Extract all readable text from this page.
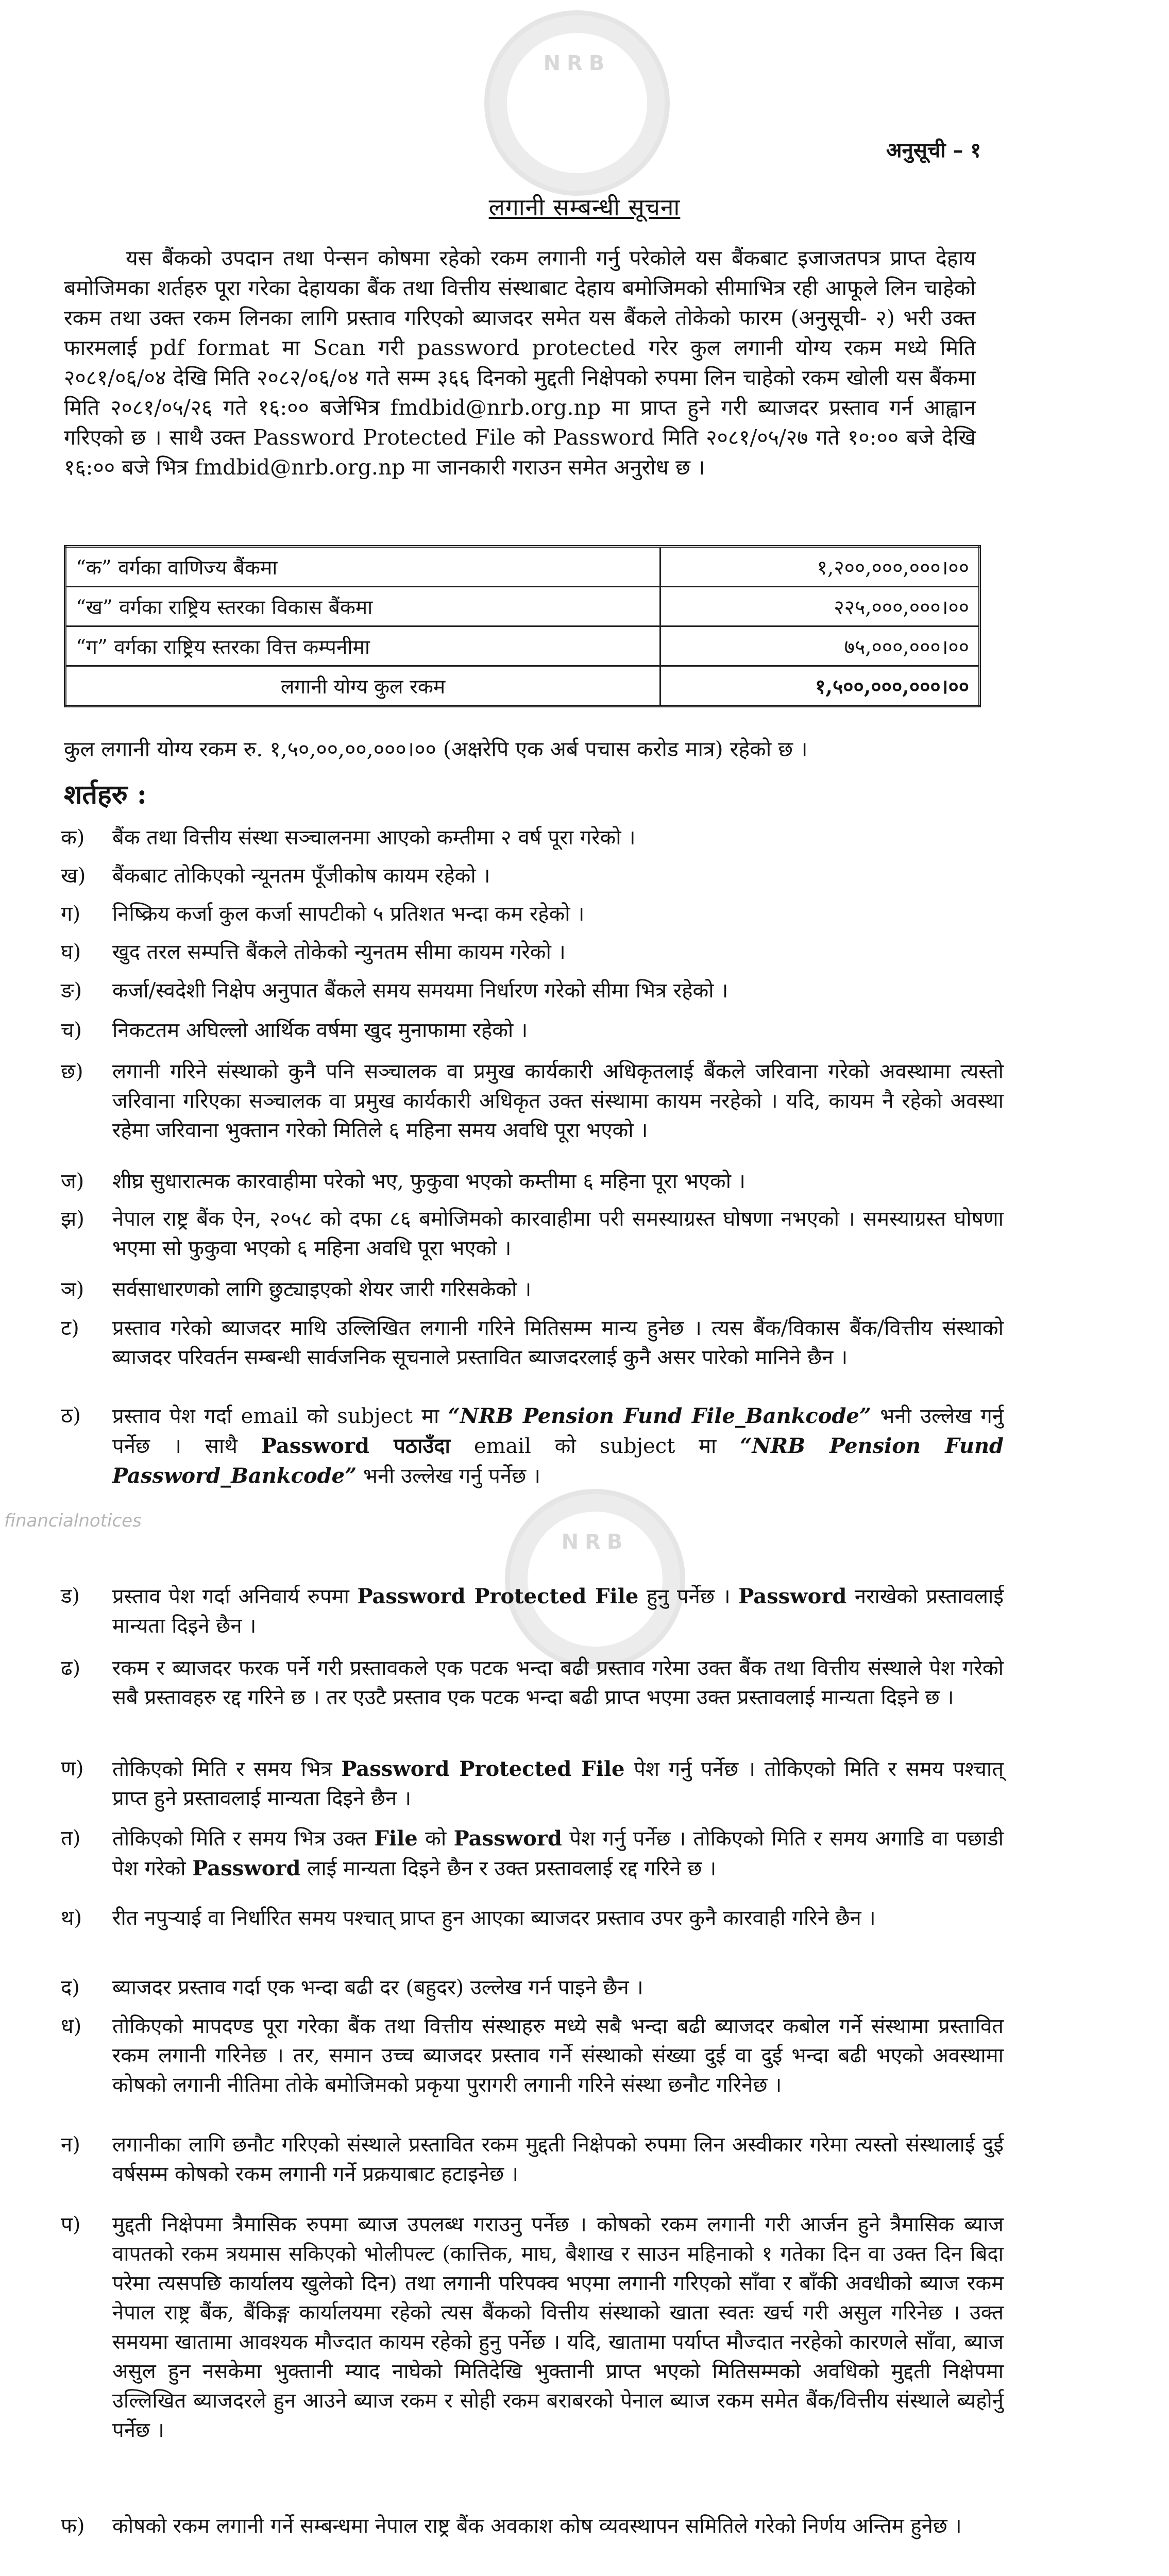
NRB
NRB
अनुसूची – १
लगानी सम्बन्धी सूचना
यस बैंकको उपदान तथा पेन्सन कोषमा रहेको रकम लगानी गर्नु परेकोले यस बैंकबाट इजाजतपत्र प्राप्त देहाय बमोजिमका शर्तहरु पूरा गरेका देहायका बैंक तथा वित्तीय संस्थाबाट देहाय बमोजिमको सीमाभित्र रही आफूले लिन चाहेको रकम तथा उक्त रकम लिनका लागि प्रस्ताव गरिएको ब्याजदर समेत यस बैंकले तोकेको फारम (अनुसूची- २) भरी उक्त फारमलाई pdf format मा Scan गरी password protected गरेर कुल लगानी योग्य रकम मध्ये मिति २०८१/०६/०४ देखि मिति २०८२/०६/०४ गते सम्म ३६६ दिनको मुद्दती निक्षेपको रुपमा लिन चाहेको रकम खोली यस बैंकमा मिति २०८१/०५/२६ गते १६:०० बजेभित्र fmdbid@nrb.org.np मा प्राप्त हुने गरी ब्याजदर प्रस्ताव गर्न आह्वान गरिएको छ । साथै उक्त Password Protected File को Password मिति २०८१/०५/२७ गते १०:०० बजे देखि १६:०० बजे भित्र fmdbid@nrb.org.np मा जानकारी गराउन समेत अनुरोध छ ।
“क” वर्गका वाणिज्य बैंकमा	१,२००,०००,०००।००
“ख” वर्गका राष्ट्रिय स्तरका विकास बैंकमा	२२५,०००,०००।००
“ग” वर्गका राष्ट्रिय स्तरका वित्त कम्पनीमा	७५,०००,०००।००
लगानी योग्य कुल रकम	१,५००,०००,०००।००
कुल लगानी योग्य रकम रु. १,५०,००,००,०००।०० (अक्षरेपि एक अर्ब पचास करोड मात्र) रहेको छ ।
शर्तहरु :
क)	बैंक तथा वित्तीय संस्था सञ्चालनमा आएको कम्तीमा २ वर्ष पूरा गरेको ।
ख)	बैंकबाट तोकिएको न्यूनतम पूँजीकोष कायम रहेको ।
ग)	निष्क्रिय कर्जा कुल कर्जा सापटीको ५ प्रतिशत भन्दा कम रहेको ।
घ)	खुद तरल सम्पत्ति बैंकले तोकेको न्युनतम सीमा कायम गरेको ।
ङ)	कर्जा/स्वदेशी निक्षेप अनुपात बैंकले समय समयमा निर्धारण गरेको सीमा भित्र रहेको ।
च)	निकटतम अघिल्लो आर्थिक वर्षमा खुद मुनाफामा रहेको ।
छ)	लगानी गरिने संस्थाको कुनै पनि सञ्चालक वा प्रमुख कार्यकारी अधिकृतलाई बैंकले जरिवाना गरेको अवस्थामा त्यस्तो जरिवाना गरिएका सञ्चालक वा प्रमुख कार्यकारी अधिकृत उक्त संस्थामा कायम नरहेको । यदि, कायम नै रहेको अवस्था रहेमा जरिवाना भुक्तान गरेको मितिले ६ महिना समय अवधि पूरा भएको ।
ज)	शीघ्र सुधारात्मक कारवाहीमा परेको भए, फुकुवा भएको कम्तीमा ६ महिना पूरा भएको ।
झ)	नेपाल राष्ट्र बैंक ऐन, २०५८ को दफा ८६ बमोजिमको कारवाहीमा परी समस्याग्रस्त घोषणा नभएको । समस्याग्रस्त घोषणा भएमा सो फुकुवा भएको ६ महिना अवधि पूरा भएको ।
ञ)	सर्वसाधारणको लागि छुट्याइएको शेयर जारी गरिसकेको ।
ट)	प्रस्ताव गरेको ब्याजदर माथि उल्लिखित लगानी गरिने मितिसम्म मान्य हुनेछ । त्यस बैंक/विकास बैंक/वित्तीय संस्थाको ब्याजदर परिवर्तन सम्बन्धी सार्वजनिक सूचनाले प्रस्तावित ब्याजदरलाई कुनै असर पारेको मानिने छैन ।
ठ)	प्रस्ताव पेश गर्दा email को subject मा “NRB Pension Fund File_Bankcode” भनी उल्लेख गर्नु पर्नेछ । साथै Password पठाउँदा email को subject मा “NRB Pension Fund Password_Bankcode” भनी उल्लेख गर्नु पर्नेछ ।
financialnotices
ड)	प्रस्ताव पेश गर्दा अनिवार्य रुपमा Password Protected File हुनु पर्नेछ । Password नराखेको प्रस्तावलाई मान्यता दिइने छैन ।
ढ)	रकम र ब्याजदर फरक पर्ने गरी प्रस्तावकले एक पटक भन्दा बढी प्रस्ताव गरेमा उक्त बैंक तथा वित्तीय संस्थाले पेश गरेको सबै प्रस्तावहरु रद्द गरिने छ । तर एउटै प्रस्ताव एक पटक भन्दा बढी प्राप्त भएमा उक्त प्रस्तावलाई मान्यता दिइने छ ।
ण)	तोकिएको मिति र समय भित्र Password Protected File पेश गर्नु पर्नेछ । तोकिएको मिति र समय पश्चात् प्राप्त हुने प्रस्तावलाई मान्यता दिइने छैन ।
त)	तोकिएको मिति र समय भित्र उक्त File को Password पेश गर्नु पर्नेछ । तोकिएको मिति र समय अगाडि वा पछाडी पेश गरेको Password लाई मान्यता दिइने छैन र उक्त प्रस्तावलाई रद्द गरिने छ ।
थ)	रीत नपुऱ्याई वा निर्धारित समय पश्चात् प्राप्त हुन आएका ब्याजदर प्रस्ताव उपर कुनै कारवाही गरिने छैन ।
द)	ब्याजदर प्रस्ताव गर्दा एक भन्दा बढी दर (बहुदर) उल्लेख गर्न पाइने छैन ।
ध)	तोकिएको मापदण्ड पूरा गरेका बैंक तथा वित्तीय संस्थाहरु मध्ये सबै भन्दा बढी ब्याजदर कबोल गर्ने संस्थामा प्रस्तावित रकम लगानी गरिनेछ । तर, समान उच्च ब्याजदर प्रस्ताव गर्ने संस्थाको संख्या दुई वा दुई भन्दा बढी भएको अवस्थामा कोषको लगानी नीतिमा तोके बमोजिमको प्रकृया पुरागरी लगानी गरिने संस्था छनौट गरिनेछ ।
न)	लगानीका लागि छनौट गरिएको संस्थाले प्रस्तावित रकम मुद्दती निक्षेपको रुपमा लिन अस्वीकार गरेमा त्यस्तो संस्थालाई दुई वर्षसम्म कोषको रकम लगानी गर्ने प्रक्रयाबाट हटाइनेछ ।
प)	मुद्दती निक्षेपमा त्रैमासिक रुपमा ब्याज उपलब्ध गराउनु पर्नेछ । कोषको रकम लगानी गरी आर्जन हुने त्रैमासिक ब्याज वापतको रकम त्रयमास सकिएको भोलीपल्ट (कात्तिक, माघ, बैशाख र साउन महिनाको १ गतेका दिन वा उक्त दिन बिदा परेमा त्यसपछि कार्यालय खुलेको दिन) तथा लगानी परिपक्व भएमा लगानी गरिएको साँवा र बाँकी अवधीको ब्याज रकम नेपाल राष्ट्र बैंक, बैंकिङ्ग कार्यालयमा रहेको त्यस बैंकको वित्तीय संस्थाको खाता स्वतः खर्च गरी असुल गरिनेछ । उक्त समयमा खातामा आवश्यक मौज्दात कायम रहेको हुनु पर्नेछ । यदि, खातामा पर्याप्त मौज्दात नरहेको कारणले साँवा, ब्याज असुल हुन नसकेमा भुक्तानी म्याद नाघेको मितिदेखि भुक्तानी प्राप्त भएको मितिसम्मको अवधिको मुद्दती निक्षेपमा उल्लिखित ब्याजदरले हुन आउने ब्याज रकम र सोही रकम बराबरको पेनाल ब्याज रकम समेत बैंक/वित्तीय संस्थाले ब्यहोर्नु पर्नेछ ।
फ)	कोषको रकम लगानी गर्ने सम्बन्धमा नेपाल राष्ट्र बैंक अवकाश कोष व्यवस्थापन समितिले गरेको निर्णय अन्तिम हुनेछ ।
